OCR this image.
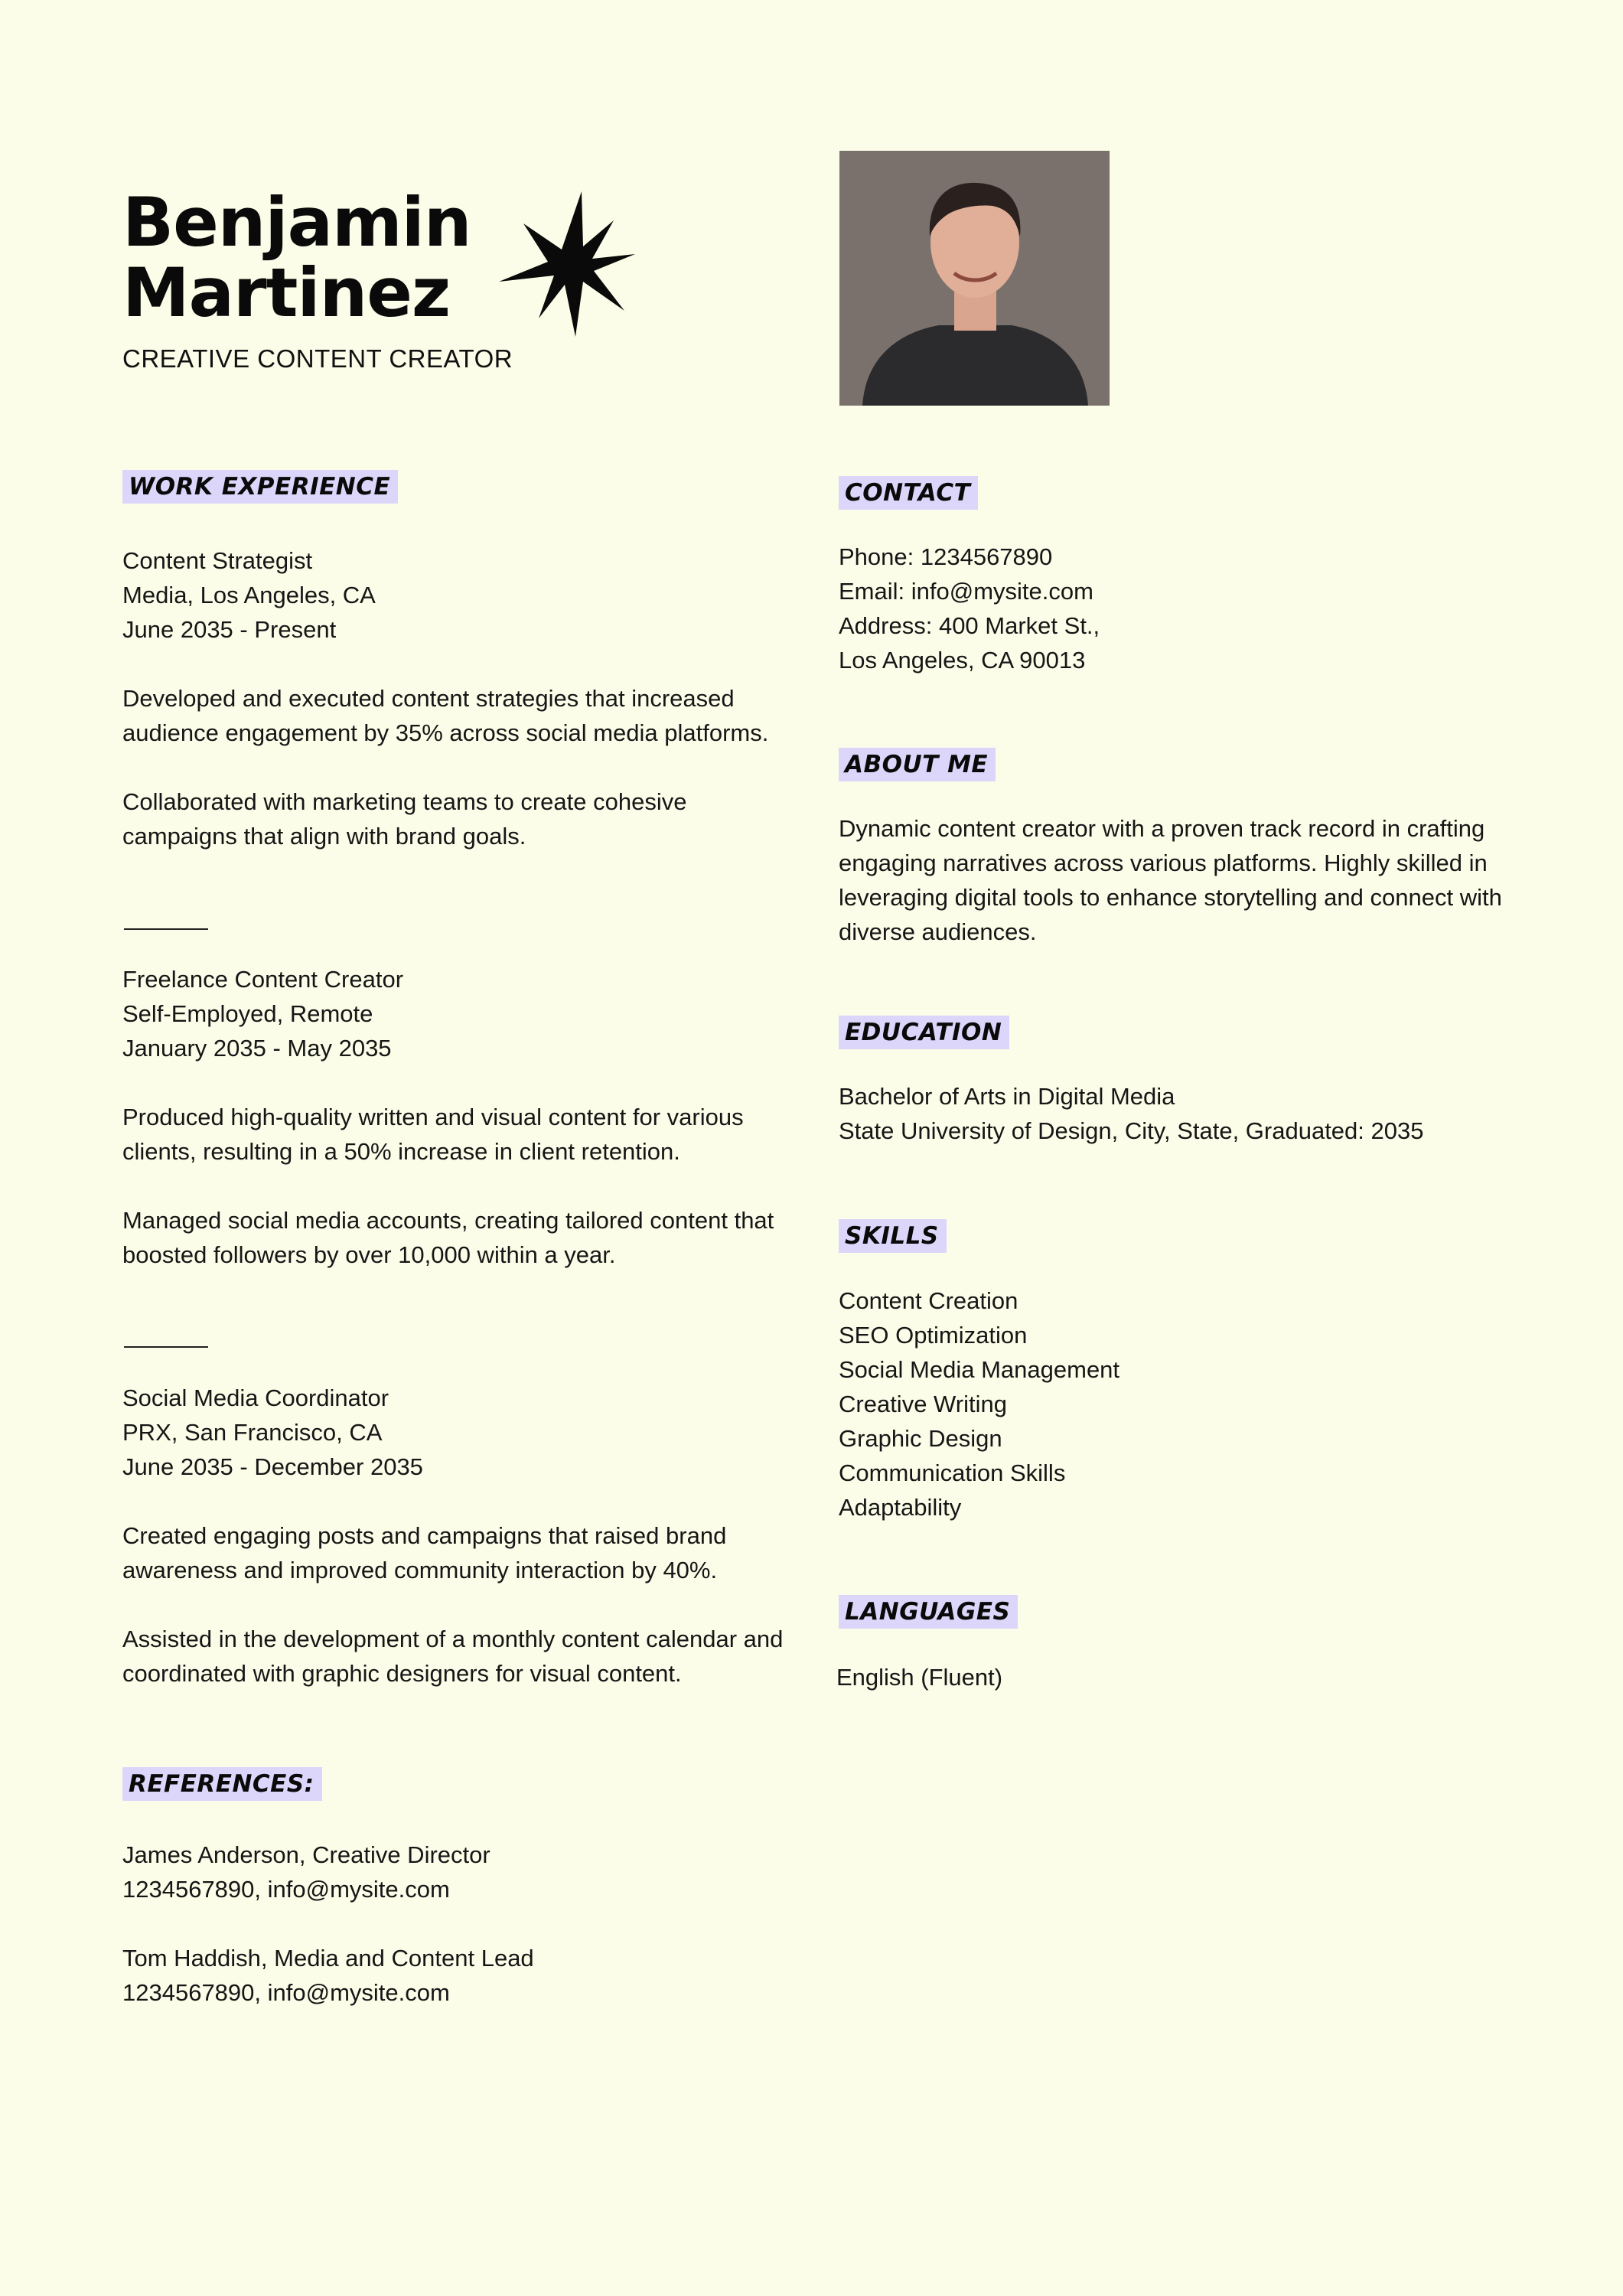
Benjamin
Martinez
CREATIVE CONTENT CREATOR
WORK EXPERIENCE

Content Strategist

Media, Los Angeles, CA

June 2035 - Present

Developed and executed content strategies that increased audience engagement by 35% across social media platforms.

Collaborated with marketing teams to create cohesive campaigns that align with brand goals.

Freelance Content Creator

Self-Employed, Remote

January 2035 - May 2035

Produced high-quality written and visual content for various clients, resulting in a 50% increase in client retention.

Managed social media accounts, creating tailored content that boosted followers by over 10,000 within a year.

Social Media Coordinator

PRX, San Francisco, CA

June 2035 - December 2035

Created engaging posts and campaigns that raised brand awareness and improved community interaction by 40%.

Assisted in the development of a monthly content calendar and coordinated with graphic designers for visual content.

REFERENCES:

James Anderson, Creative Director

1234567890, info@mysite.com

Tom Haddish, Media and Content Lead

1234567890, info@mysite.com

CONTACT

Phone: 1234567890

Email: info@mysite.com

Address: 400 Market St.,

Los Angeles, CA 90013

ABOUT ME

Dynamic content creator with a proven track record in crafting engaging narratives across various platforms. Highly skilled in leveraging digital tools to enhance storytelling and connect with diverse audiences.

EDUCATION

Bachelor of Arts in Digital Media

State University of Design, City, State, Graduated: 2035

SKILLS
Content Creation
SEO Optimization
Social Media Management
Creative Writing
Graphic Design
Communication Skills
Adaptability
LANGUAGES
English (Fluent)
